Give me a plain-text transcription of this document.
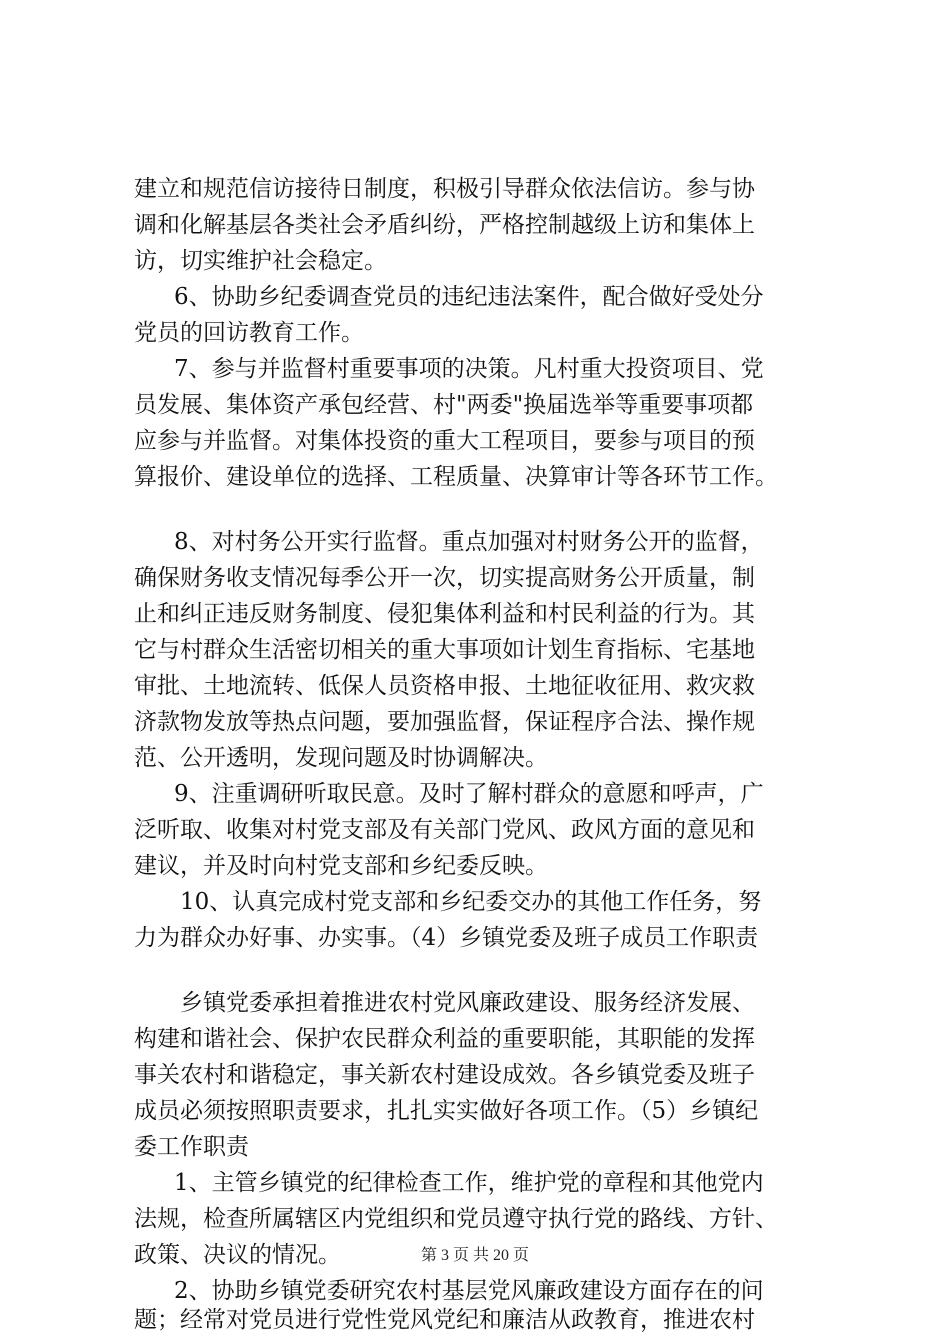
建立和规范信访接待日制度，积极引导群众依法信访。参与协
调和化解基层各类社会矛盾纠纷，严格控制越级上访和集体上
访，切实维护社会稳定。
6、协助乡纪委调查党员的违纪违法案件，配合做好受处分
党员的回访教育工作。
7、参与并监督村重要事项的决策。凡村重大投资项目、党
员发展、集体资产承包经营、村"两委"换届选举等重要事项都
应参与并监督。对集体投资的重大工程项目，要参与项目的预
算报价、建设单位的选择、工程质量、决算审计等各环节工作。
8、对村务公开实行监督。重点加强对村财务公开的监督，
确保财务收支情况每季公开一次，切实提高财务公开质量，制
止和纠正违反财务制度、侵犯集体利益和村民利益的行为。其
它与村群众生活密切相关的重大事项如计划生育指标、宅基地
审批、土地流转、低保人员资格申报、土地征收征用、救灾救
济款物发放等热点问题，要加强监督，保证程序合法、操作规
范、公开透明，发现问题及时协调解决。
9、注重调研听取民意。及时了解村群众的意愿和呼声，广
泛听取、收集对村党支部及有关部门党风、政风方面的意见和
建议，并及时向村党支部和乡纪委反映。
10、认真完成村党支部和乡纪委交办的其他工作任务，努
力为群众办好事、办实事。（4）乡镇党委及班子成员工作职责
乡镇党委承担着推进农村党风廉政建设、服务经济发展、
构建和谐社会、保护农民群众利益的重要职能，其职能的发挥
事关农村和谐稳定，事关新农村建设成效。各乡镇党委及班子
成员必须按照职责要求，扎扎实实做好各项工作。（5）乡镇纪
委工作职责
1、主管乡镇党的纪律检查工作，维护党的章程和其他党内
法规，检查所属辖区内党组织和党员遵守执行党的路线、方针、
政策、决议的情况。
2、协助乡镇党委研究农村基层党风廉政建设方面存在的问
题；经常对党员进行党性党风党纪和廉洁从政教育，推进农村
第 3 页 共 20 页
